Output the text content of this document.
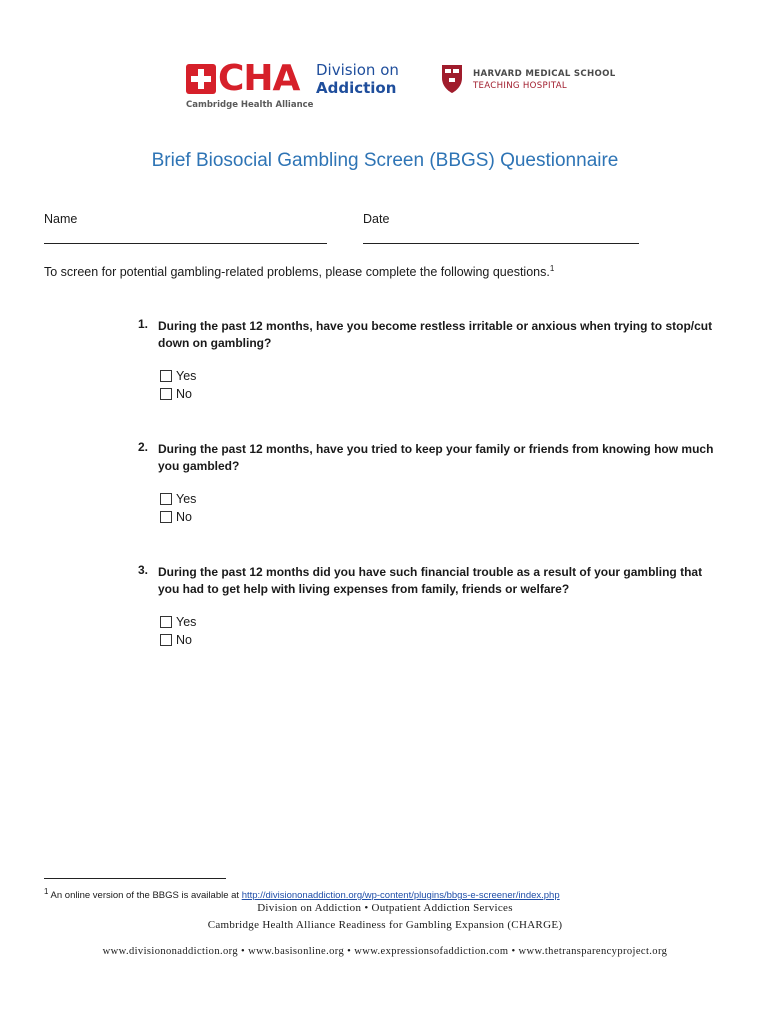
CHA Division on
Addiction
Cambridge Health Alliance
HARVARD MEDICAL SCHOOL
TEACHING HOSPITAL
Brief Biosocial Gambling Screen (BBGS) Questionnaire
Name	Date
To screen for potential gambling-related problems, please complete the following questions.$^1$
1. During the past 12 months, have you become restless irritable or anxious when trying to stop/cut
down on gambling?
Yes
No
2. During the past 12 months, have you tried to keep your family or friends from knowing how much
you gambled?
Yes
No
3. During the past 12 months did you have such financial trouble as a result of your gambling that
you had to get help with living expenses from family, friends or welfare?
Yes
No
$^1$ An online version of the BBGS is available at http://divisiononaddiction.org/wp-content/plugins/bbgs-e-screener/index.php
Division on Addiction • Outpatient Addiction Services
Cambridge Health Alliance Readiness for Gambling Expansion (CHARGE)
www.divisiononaddiction.org • www.basisonline.org • www.expressionsofaddiction.com • www.thetransparencyproject.org
